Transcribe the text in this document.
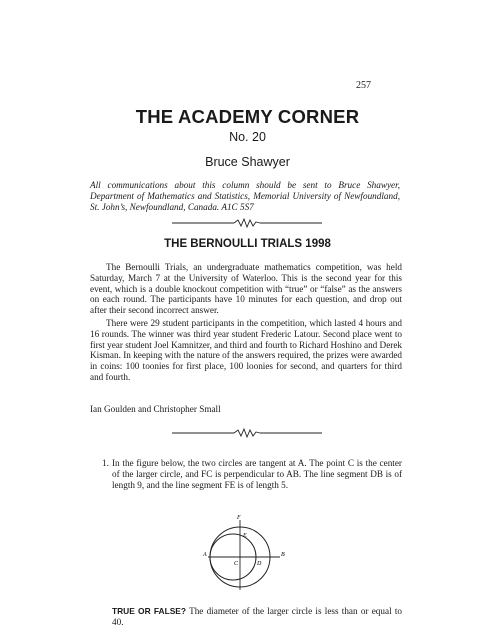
257
THE ACADEMY CORNER
No. 20
Bruce Shawyer
All communications about this column should be sent to Bruce Shawyer, Department of Mathematics and Statistics, Memorial University of Newfoundland, St. John’s, Newfoundland, Canada. A1C 5S7
THE BERNOULLI TRIALS 1998

The Bernoulli Trials, an undergraduate mathematics competition, was held Saturday, March 7 at the University of Waterloo. This is the second year for this event, which is a double knockout competition with “true” or “false” as the answers on each round. The participants have 10 minutes for each question, and drop out after their second incorrect answer.

There were 29 student participants in the competition, which lasted 4 hours and 16 rounds. The winner was third year student Frederic Latour. Second place went to first year student Joel Kamnitzer, and third and fourth to Richard Hoshino and Derek Kisman. In keeping with the nature of the answers required, the prizes were awarded in coins: 100 toonies for first place, 100 loonies for second, and quarters for third and fourth.

Ian Goulden and Christopher Small

1. In the figure below, the two circles are tangent at A. The point C is the center of the larger circle, and FC is perpendicular to AB. The line segment DB is of length 9, and the line segment FE is of length 5.
F
E
A
C	D
B
TRUE OR FALSE? The diameter of the larger circle is less than or equal to 40.
